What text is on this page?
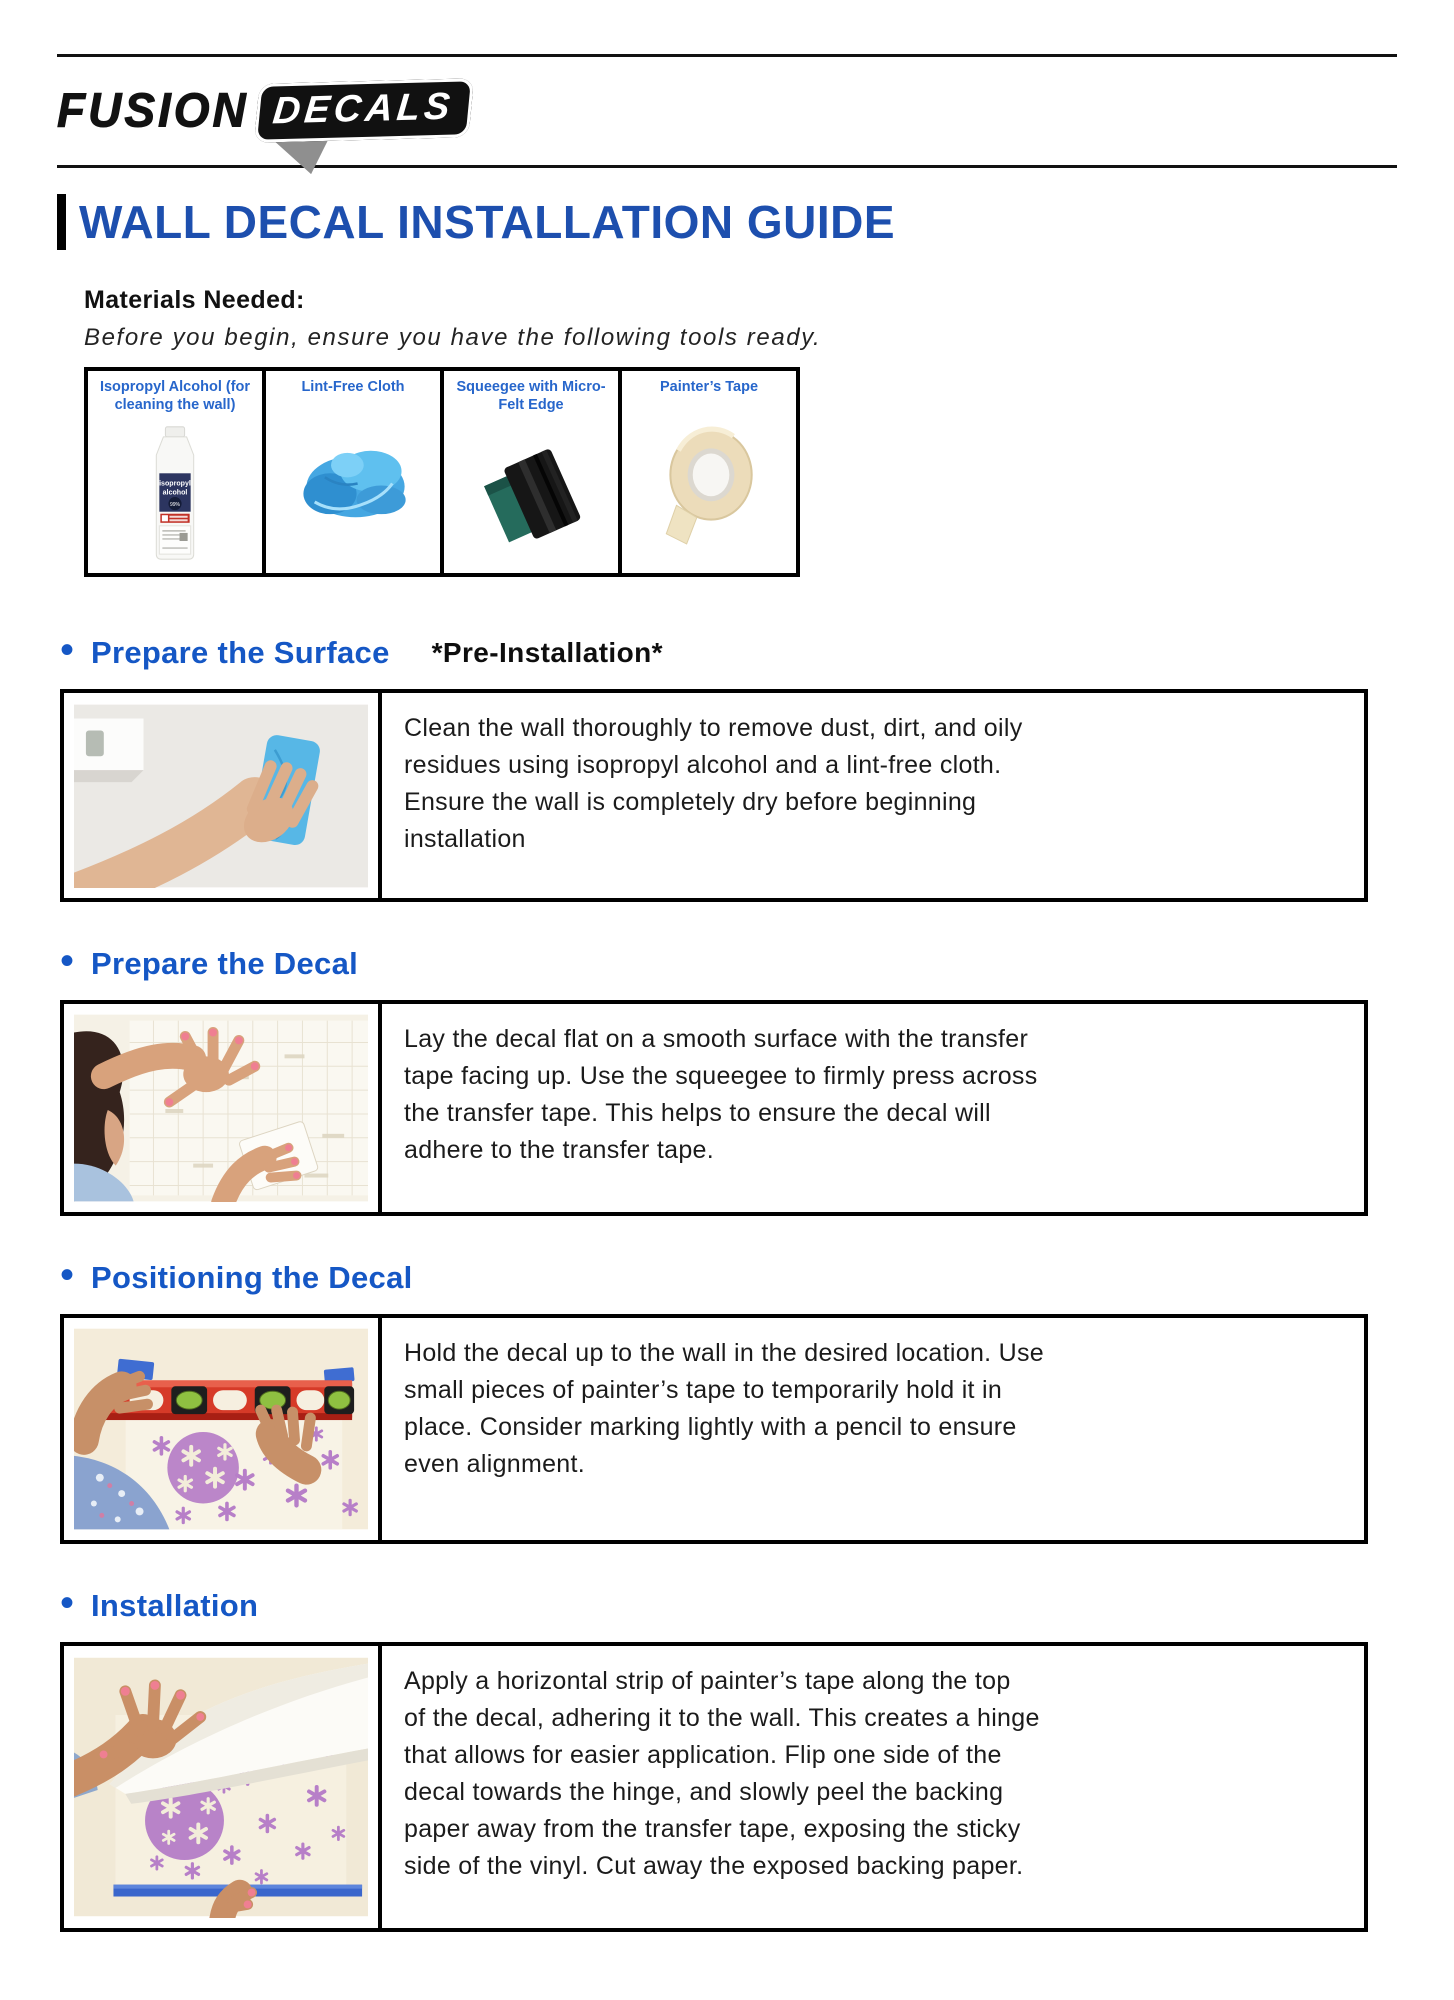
FUSION DECALS
WALL DECAL INSTALLATION GUIDE
Materials Needed:

Before you begin, ensure you have the following tools ready.

Isopropyl Alcohol (for cleaning the wall)
isopropyl
alcohol
99%
Lint-Free Cloth	Squeegee with Micro-Felt Edge
Painter’s Tape
•
Prepare the Surface *Pre-Installation*
Clean the wall thoroughly to remove dust, dirt, and oily
residues using isopropyl alcohol and a lint-free cloth.
Ensure the wall is completely dry before beginning
installation
•
Prepare the Decal
Lay the decal flat on a smooth surface with the transfer
tape facing up. Use the squeegee to firmly press across
the transfer tape. This helps to ensure the decal will
adhere to the transfer tape.
•
Positioning the Decal
Hold the decal up to the wall in the desired location. Use
small pieces of painter’s tape to temporarily hold it in
place. Consider marking lightly with a pencil to ensure
even alignment.
•
Installation
Apply a horizontal strip of painter’s tape along the top
of the decal, adhering it to the wall. This creates a hinge
that allows for easier application. Flip one side of the
decal towards the hinge, and slowly peel the backing
paper away from the transfer tape, exposing the sticky
side of the vinyl. Cut away the exposed backing paper.
